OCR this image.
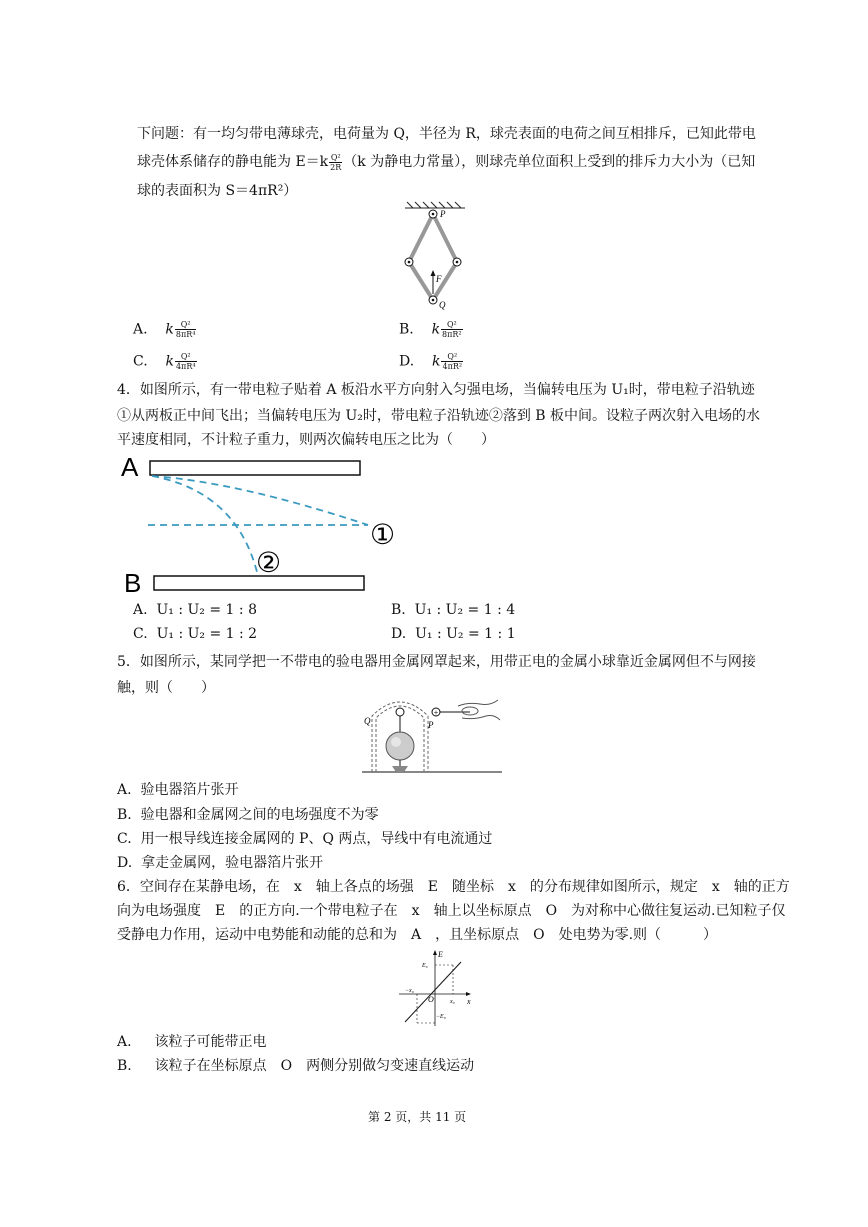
下问题：有一均匀带电薄球壳，电荷量为 Q，半径为 R，球壳表面的电荷之间互相排斥，已知此带电
球壳体系储存的静电能为 $E=k \frac{\text{Q²}}{2R} (k$ 为静电力常量），则球壳单位面积上受到的排斥力大小为（已知
球的表面积为 S＝4πR²）
P
F
Q
A. k $\frac{\text{Q²}}{\text{8πR⁴}}$	B. k $\frac{\text{Q²}}{\text{8πR²}}$
C. k $\frac{\text{Q²}}{\text{4πR⁴}}$	D. k $\frac{\text{Q²}}{\text{4πR²}}$
4．如图所示，有一带电粒子贴着 A 板沿水平方向射入匀强电场，当偏转电压为 U₁时，带电粒子沿轨迹
①从两板正中间飞出；当偏转电压为 U₂时，带电粒子沿轨迹②落到 B 板中间。设粒子两次射入电场的水
平速度相同，不计粒子重力，则两次偏转电压之比为（　　）
A
B
①
②
A. U₁ : U₂ = 1 : 8	B. U₁ : U₂ = 1 : 4
C. U₁ : U₂ = 1 : 2	D. U₁ : U₂ = 1 : 1
5．如图所示，某同学把一不带电的验电器用金属网罩起来，用带正电的金属小球靠近金属网但不与网接
触，则（　　）
+
Q	P
A. 验电器箔片张开
B. 验电器和金属网之间的电场强度不为零
C. 用一根导线连接金属网的 P、Q 两点，导线中有电流通过
D. 拿走金属网，验电器箔片张开
6．空间存在某静电场，在　x　轴上各点的场强　E　随坐标　x　的分布规律如图所示，规定　x　轴的正方
向为电场强度　E　的正方向.一个带电粒子在　x　轴上以坐标原点　O　为对称中心做往复运动.已知粒子仅
受静电力作用，运动中电势能和动能的总和为　A　，且坐标原点　O　处电势为零.则（　　　）
E
E₀
x
O	x₀
−x₀
−E₀
A.  　该粒子可能带正电
B.  　该粒子在坐标原点　O　两侧分别做匀变速直线运动
第 2 页，共 11 页
